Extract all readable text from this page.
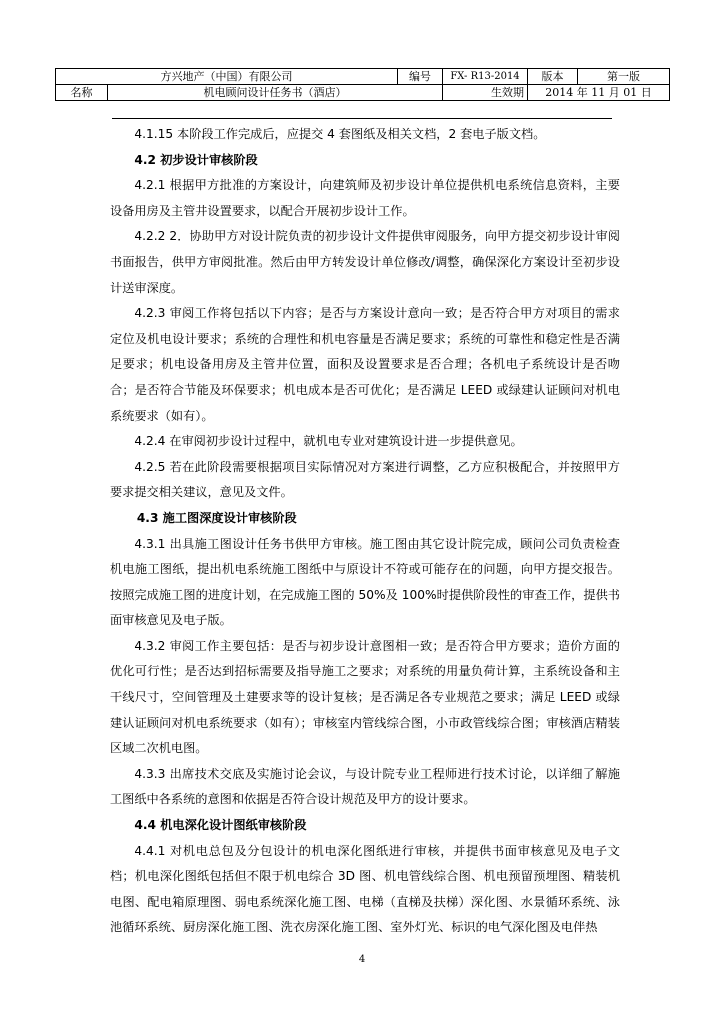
方兴地产（中国）有限公司		编号	FX- R13-2014	版本	第一版
名称	机电顾问设计任务书（酒店）		生效期	2014 年 11 月 01 日	

4.1.15 本阶段工作完成后，应提交 4 套图纸及相关文档，2 套电子版文档。

4.2 初步设计审核阶段

4.2.1 根据甲方批准的方案设计，向建筑师及初步设计单位提供机电系统信息资料，主要设备用房及主管井设置要求，以配合开展初步设计工作。

4.2.2 2．协助甲方对设计院负责的初步设计文件提供审阅服务，向甲方提交初步设计审阅书面报告，供甲方审阅批准。然后由甲方转发设计单位修改/调整，确保深化方案设计至初步设计送审深度。

4.2.3 审阅工作将包括以下内容；是否与方案设计意向一致；是否符合甲方对项目的需求定位及机电设计要求；系统的合理性和机电容量是否满足要求；系统的可靠性和稳定性是否满足要求；机电设备用房及主管井位置，面积及设置要求是否合理；各机电子系统设计是否吻合；是否符合节能及环保要求；机电成本是否可优化；是否满足 LEED 或绿建认证顾问对机电系统要求（如有）。

4.2.4 在审阅初步设计过程中，就机电专业对建筑设计进一步提供意见。

4.2.5 若在此阶段需要根据项目实际情况对方案进行调整，乙方应积极配合，并按照甲方要求提交相关建议，意见及文件。

4.3 施工图深度设计审核阶段

4.3.1 出具施工图设计任务书供甲方审核。施工图由其它设计院完成，顾问公司负责检查机电施工图纸，提出机电系统施工图纸中与原设计不符或可能存在的问题，向甲方提交报告。按照完成施工图的进度计划，在完成施工图的 50%及 100%时提供阶段性的审查工作，提供书面审核意见及电子版。

4.3.2 审阅工作主要包括：是否与初步设计意图相一致；是否符合甲方要求；造价方面的优化可行性；是否达到招标需要及指导施工之要求；对系统的用量负荷计算，主系统设备和主干线尺寸，空间管理及土建要求等的设计复核；是否满足各专业规范之要求；满足 LEED 或绿建认证顾问对机电系统要求（如有）；审核室内管线综合图，小市政管线综合图；审核酒店精装区域二次机电图。

4.3.3 出席技术交底及实施讨论会议，与设计院专业工程师进行技术讨论，以详细了解施工图纸中各系统的意图和依据是否符合设计规范及甲方的设计要求。

4.4 机电深化设计图纸审核阶段

4.4.1 对机电总包及分包设计的机电深化图纸进行审核，并提供书面审核意见及电子文档；机电深化图纸包括但不限于机电综合 3D 图、机电管线综合图、机电预留预埋图、精装机电图、配电箱原理图、弱电系统深化施工图、电梯（直梯及扶梯）深化图、水景循环系统、泳池循环系统、厨房深化施工图、洗衣房深化施工图、室外灯光、标识的电气深化图及电伴热

4
